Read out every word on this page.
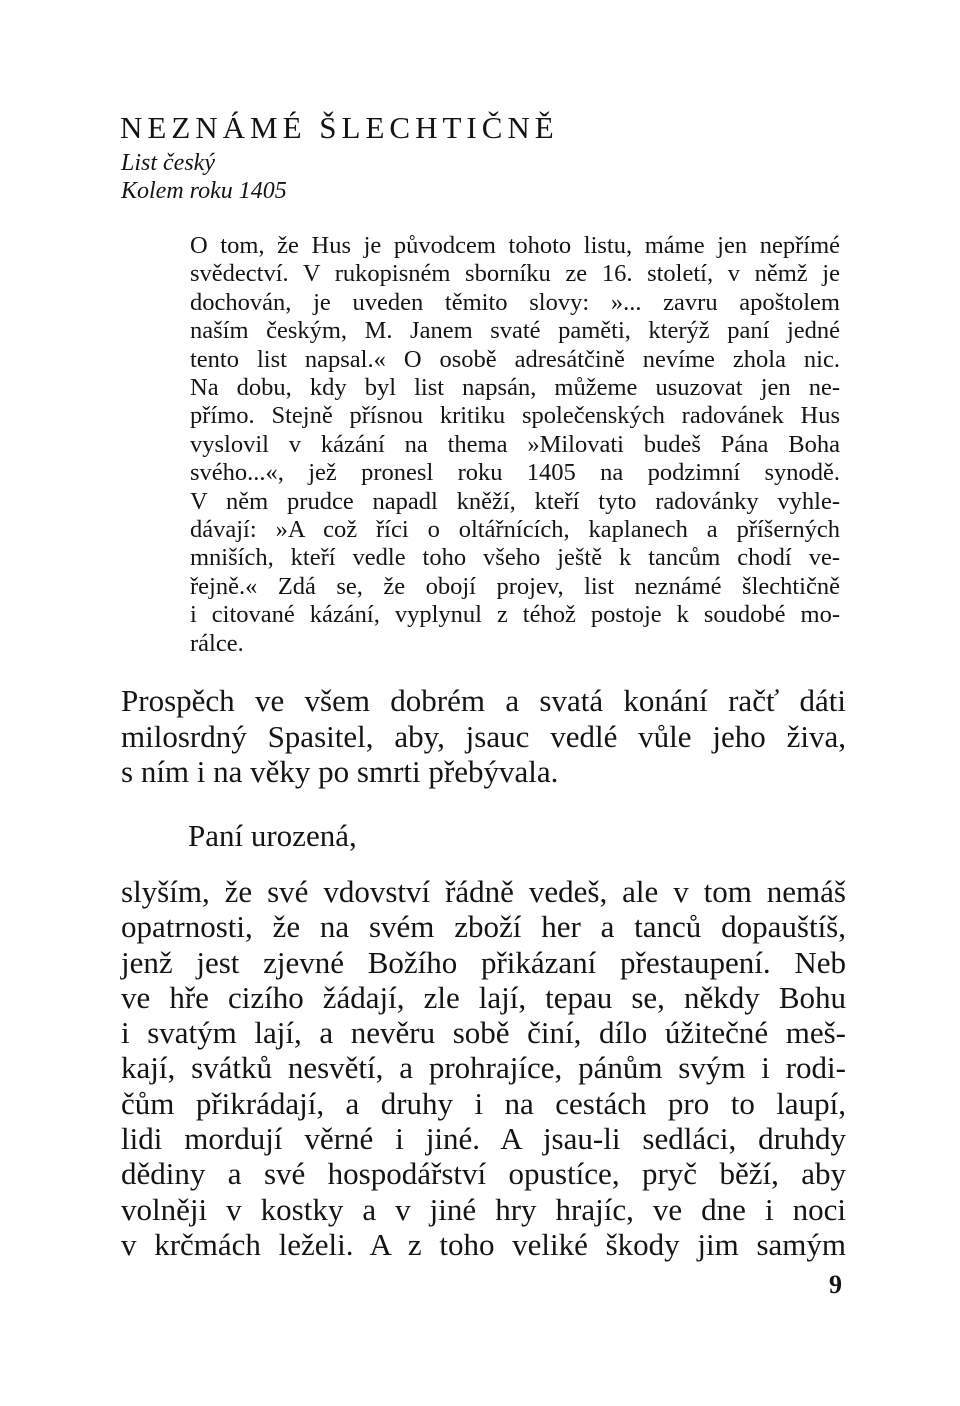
NEZNÁMÉ ŠLECHTIČNĚ
List český
Kolem roku 1405
O tom, že Hus je původcem tohoto listu, máme jen nepřímé
svědectví. V rukopisném sborníku ze 16. století, v němž je
dochován, je uveden těmito slovy: »... zavru apoštolem
naším českým, M. Janem svaté paměti, kterýž paní jedné
tento list napsal.« O osobě adresátčině nevíme zhola nic.
Na dobu, kdy byl list napsán, můžeme usuzovat jen ne-
přímo. Stejně přísnou kritiku společenských radovánek Hus
vyslovil v kázání na thema »Milovati budeš Pána Boha
svého...«, jež pronesl roku 1405 na podzimní synodě.
V něm prudce napadl kněží, kteří tyto radovánky vyhle-
dávají: »A což říci o oltářnících, kaplanech a příšerných
mniších, kteří vedle toho všeho ještě k tancům chodí ve-
řejně.« Zdá se, že obojí projev, list neznámé šlechtičně
i citované kázání, vyplynul z téhož postoje k soudobé mo-
rálce.
Prospěch ve všem dobrém a svatá konání račť dáti
milosrdný Spasitel, aby, jsauc vedlé vůle jeho živa,
s ním i na věky po smrti přebývala.
Paní urozená,
slyším, že své vdovství řádně vedeš, ale v tom nemáš
opatrnosti, že na svém zboží her a tanců dopauštíš,
jenž jest zjevné Božího přikázaní přestaupení. Neb
ve hře cizího žádají, zle lají, tepau se, někdy Bohu
i svatým lají, a nevěru sobě činí, dílo úžitečné meš-
kají, svátků nesvětí, a prohrajíce, pánům svým i rodi-
čům přikrádají, a druhy i na cestách pro to laupí,
lidi mordují věrné i jiné. A jsau-li sedláci, druhdy
dědiny a své hospodářství opustíce, pryč běží, aby
volněji v kostky a v jiné hry hrajíc, ve dne i noci
v krčmách leželi. A z toho veliké škody jim samým
9
